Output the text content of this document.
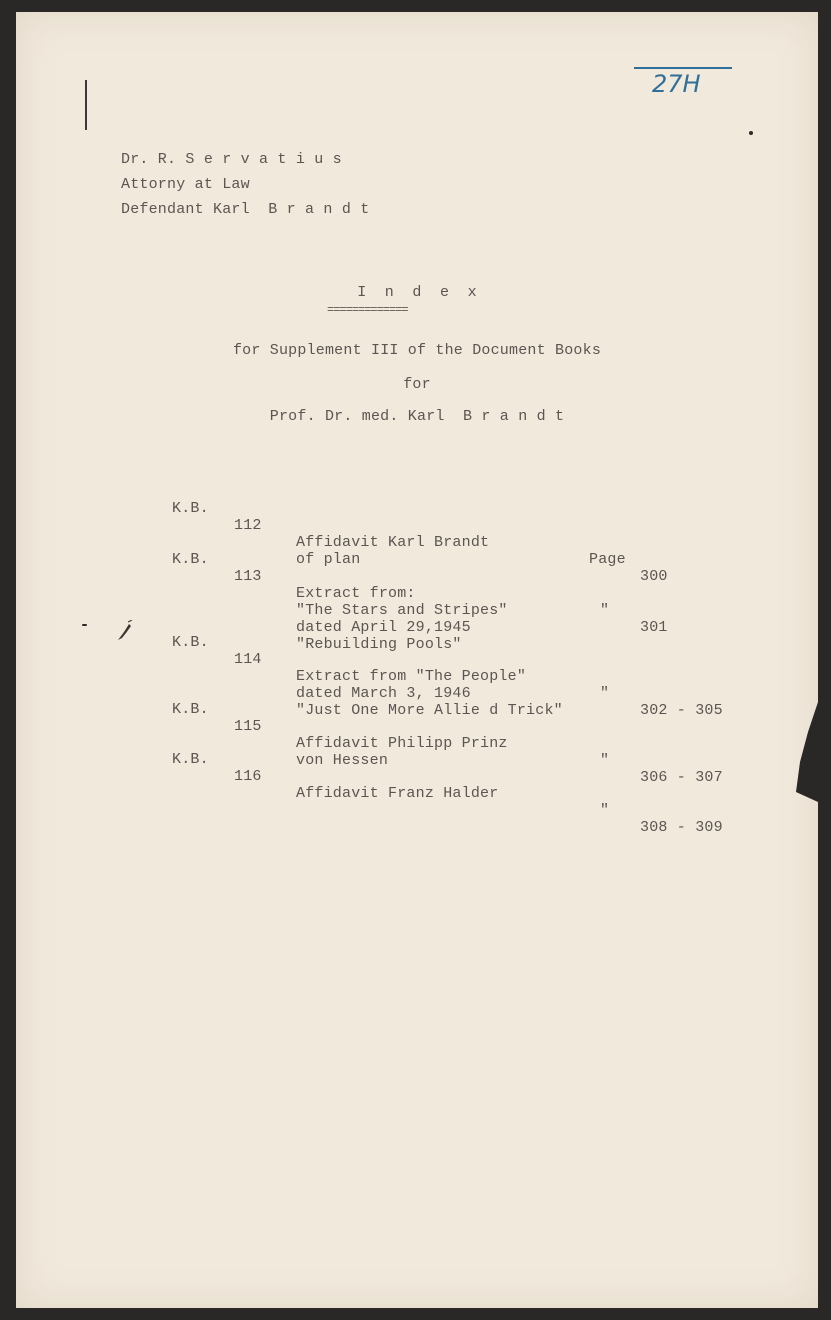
27H
Dr. R. S e r v a t i u s
Attorny at Law
Defendant Karl  B r a n d t
I  n  d  e  x
=============
for Supplement III of the Document Books
for
Prof. Dr. med. Karl  B r a n d t

K.B.

112

Affidavit Karl Brandt
of plan

	Page

300

K.B.

113

Extract from:
"The Stars and Stripes"
dated April 29,1945
"Rebuilding Pools"

"

301

K.B.

114

Extract from "The People"
dated March 3, 1946
"Just One More Allie d Trick"

"

302 - 305

K.B.

115

Affidavit Philipp Prinz
von Hessen

	"

306 - 307

K.B.

116

Affidavit Franz Halder

"

308 - 309
